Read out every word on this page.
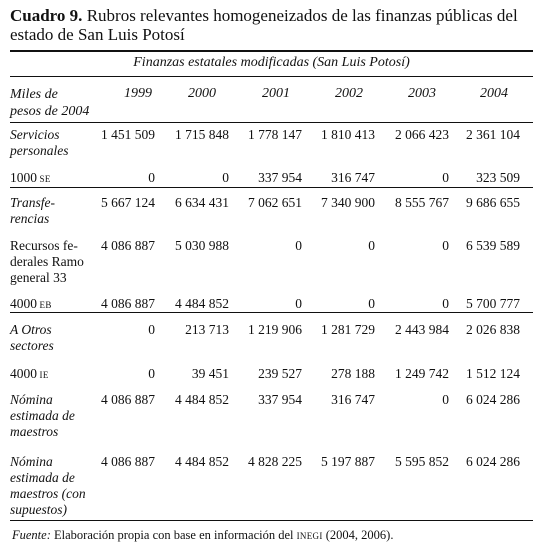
Cuadro 9. Rubros relevantes homogeneizados de las finanzas públicas del estado de San Luis Potosí
Finanzas estatales modificadas (San Luis Potosí)
Miles de
pesos de 2004
1999	2000	2001	2002	2003	2004
Servicios
personales
1 451 509	1 715 848	1 778 147	1 810 413	2 066 423	2 361 104
1000 SE	0	0	337 954	316 747	0	323 509
Transfe-
rencias
5 667 124	6 634 431	7 062 651	7 340 900	8 555 767	9 686 655
Recursos fe-
derales Ramo
general 33
4 086 887	5 030 988	0	0	0	6 539 589
4000 EB	4 086 887	4 484 852	0	0	0	5 700 777
A Otros
sectores
0	213 713	1 219 906	1 281 729	2 443 984	2 026 838
4000 IE	0	39 451	239 527	278 188	1 249 742	1 512 124
Nómina
estimada de
maestros
4 086 887	4 484 852	337 954	316 747	0	6 024 286
Nómina
estimada de
maestros (con
supuestos)
4 086 887	4 484 852	4 828 225	5 197 887	5 595 852	6 024 286
Fuente: Elaboración propia con base en información del INEGI (2004, 2006).
